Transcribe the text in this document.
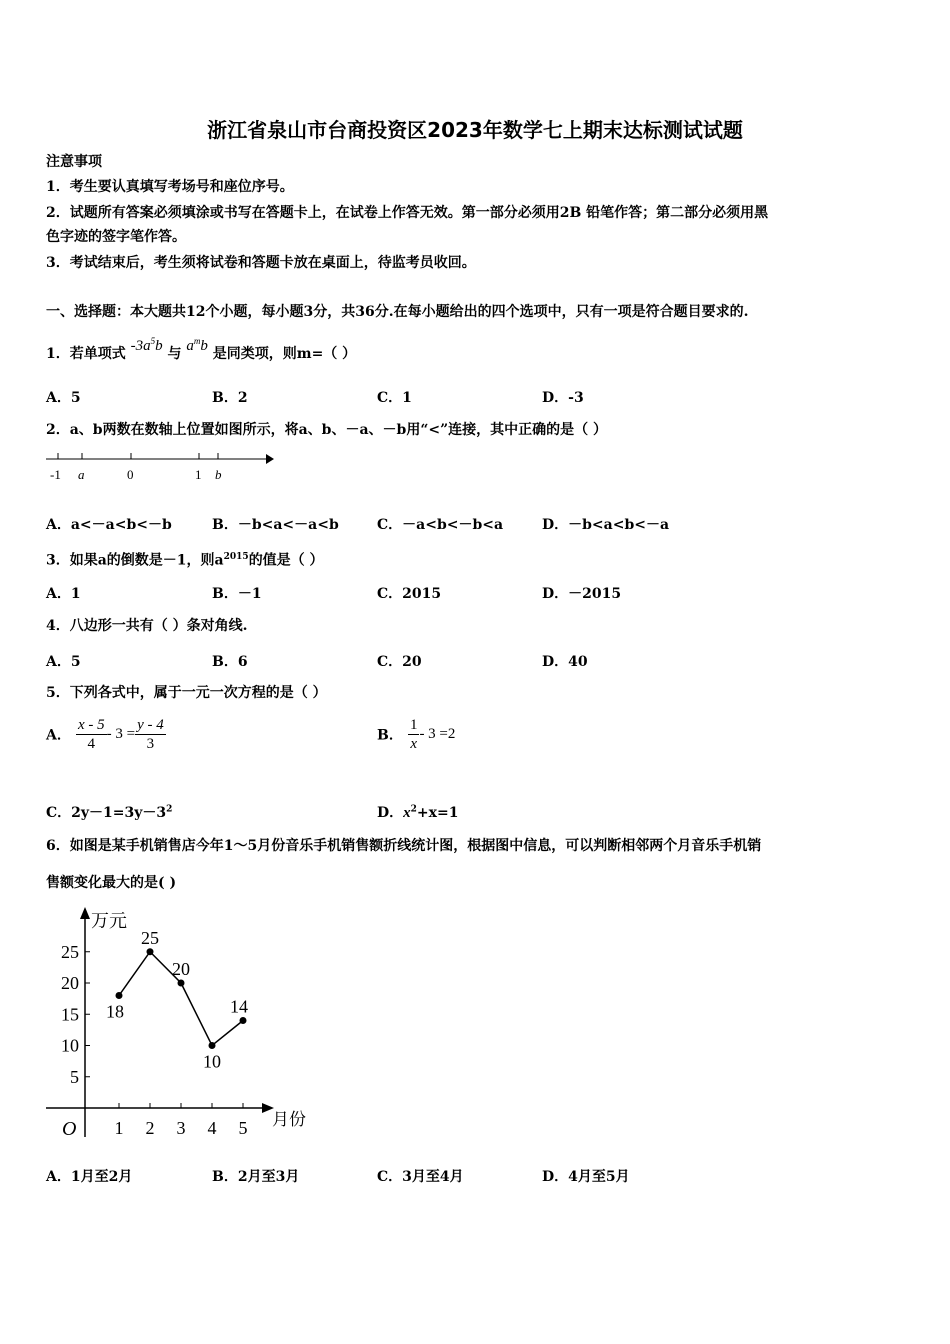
浙江省泉山市台商投资区2023年数学七上期末达标测试试题
注意事项
1．考生要认真填写考场号和座位序号。
2．试题所有答案必须填涂或书写在答题卡上，在试卷上作答无效。第一部分必须用2B 铅笔作答；第二部分必须用黑
色字迹的签字笔作答。
3．考试结束后，考生须将试卷和答题卡放在桌面上，待监考员收回。
一、选择题：本大题共12个小题，每小题3分，共36分.在每小题给出的四个选项中，只有一项是符合题目要求的.
1．若单项式 $-3a^5b$ 与 $a^mb$ 是同类项，则m=（ ）
A．5	B．2	C．1	D．-3
2．a、b两数在数轴上位置如图所示，将a、b、－a、－b用“<”连接，其中正确的是（ ）
-1 a	0	1 b
A．a<－a<b<－b	B．－b<a<－a<b	C．－a<b<－b<a	D．－b<a<b<－a
3．如果a的倒数是－1，则$a^{2015}$的值是（ ）
A．1	B．－1	C．2015	D．－2015
4．八边形一共有（ ）条对角线.
A．5	B．6	C．20	D．40
5．下列各式中，属于一元一次方程的是（ ）
A． $\frac{x - 5}{4} - 3 = \frac{y - 4}{3}$	B． $\frac{1}{x} - 3 =2$
C．$2y-1=3y-3^2$	D．$x^2+x=1$
6．如图是某手机销售店今年1～5月份音乐手机销售额折线统计图，根据图中信息，可以判断相邻两个月音乐手机销
售额变化最大的是( )
万元
月份
O
5
10
15
20
25
1 2 3 4 5
18
25
20
10
14
A．1月至2月	B．2月至3月	C．3月至4月	D．4月至5月
